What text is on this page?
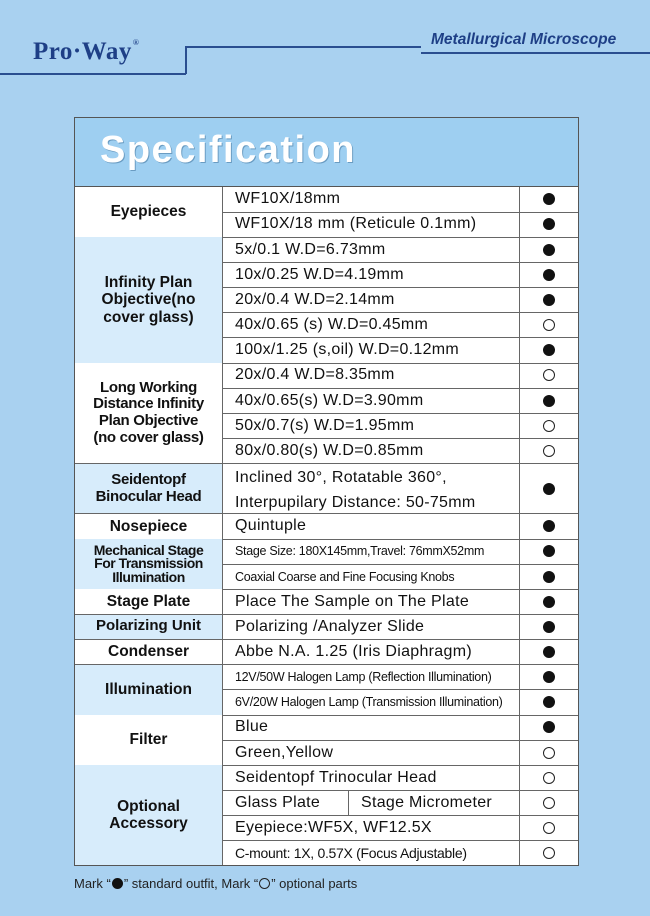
Pro·Way®	Metallurgical Microscope
Specification
Eyepieces
Infinity Plan
Objective(no
cover glass)
Long Working
Distance Infinity
Plan Objective
(no cover glass)
Seidentopf
Binocular Head
Nosepiece
Mechanical Stage
For Transmission
Illumination
Stage Plate
Polarizing Unit
Condenser
Illumination
Filter
Optional
Accessory
WF10X/18mm
WF10X/18 mm (Reticule 0.1mm)
5x/0.1 W.D=6.73mm
10x/0.25 W.D=4.19mm
20x/0.4 W.D=2.14mm
40x/0.65 (s) W.D=0.45mm
100x/1.25 (s,oil) W.D=0.12mm
20x/0.4 W.D=8.35mm
40x/0.65(s) W.D=3.90mm
50x/0.7(s) W.D=1.95mm
80x/0.80(s) W.D=0.85mm
Inclined 30°, Rotatable 360°,
Interpupilary Distance: 50-75mm
Quintuple
Stage Size: 180X145mm,Travel: 76mmX52mm
Coaxial Coarse and Fine Focusing Knobs
Place The Sample on The Plate
Polarizing /Analyzer Slide
Abbe N.A. 1.25 (Iris Diaphragm)
12V/50W Halogen Lamp (Reflection Illumination)
6V/20W Halogen Lamp (Transmission Illumination)
Blue
Green,Yellow
Seidentopf Trinocular Head
Glass Plate	Stage Micrometer
Eyepiece:WF5X, WF12.5X
C-mount: 1X, 0.57X (Focus Adjustable)
Mark “ ” standard outfit, Mark “ ” optional parts
